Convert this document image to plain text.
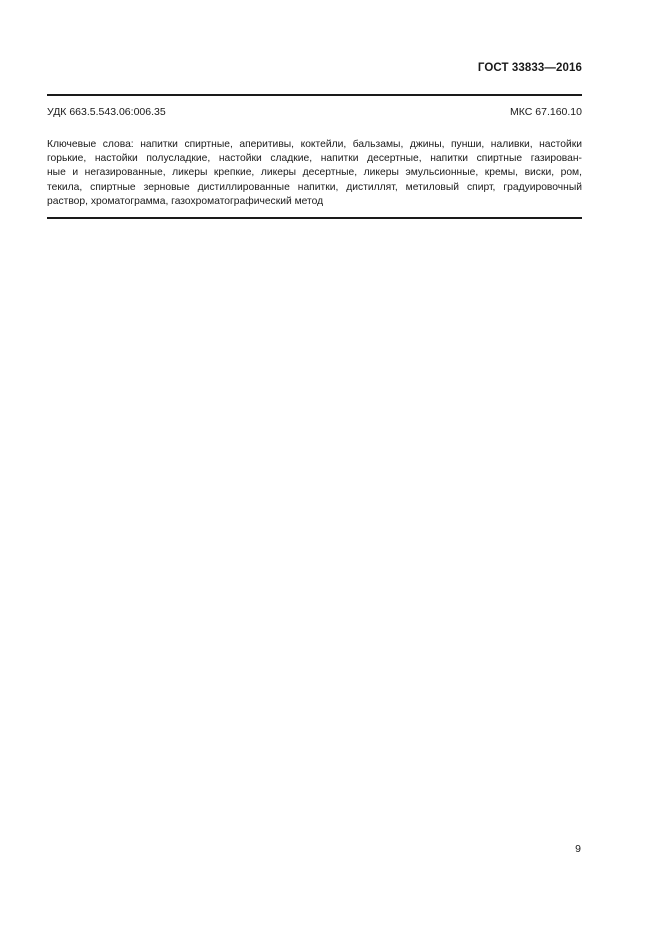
ГОСТ 33833—2016
УДК 663.5.543.06:006.35	МКС 67.160.10
Ключевые слова: напитки спиртные, аперитивы, коктейли, бальзамы, джины, пунши, наливки, настойки
горькие, настойки полусладкие, настойки сладкие, напитки десертные, напитки спиртные газирован-
ные и негазированные, ликеры крепкие, ликеры десертные, ликеры эмульсионные, кремы, виски, ром,
текила, спиртные зерновые дистиллированные напитки, дистиллят, метиловый спирт, градуировочный
раствор, хроматограмма, газохроматографический метод
9
